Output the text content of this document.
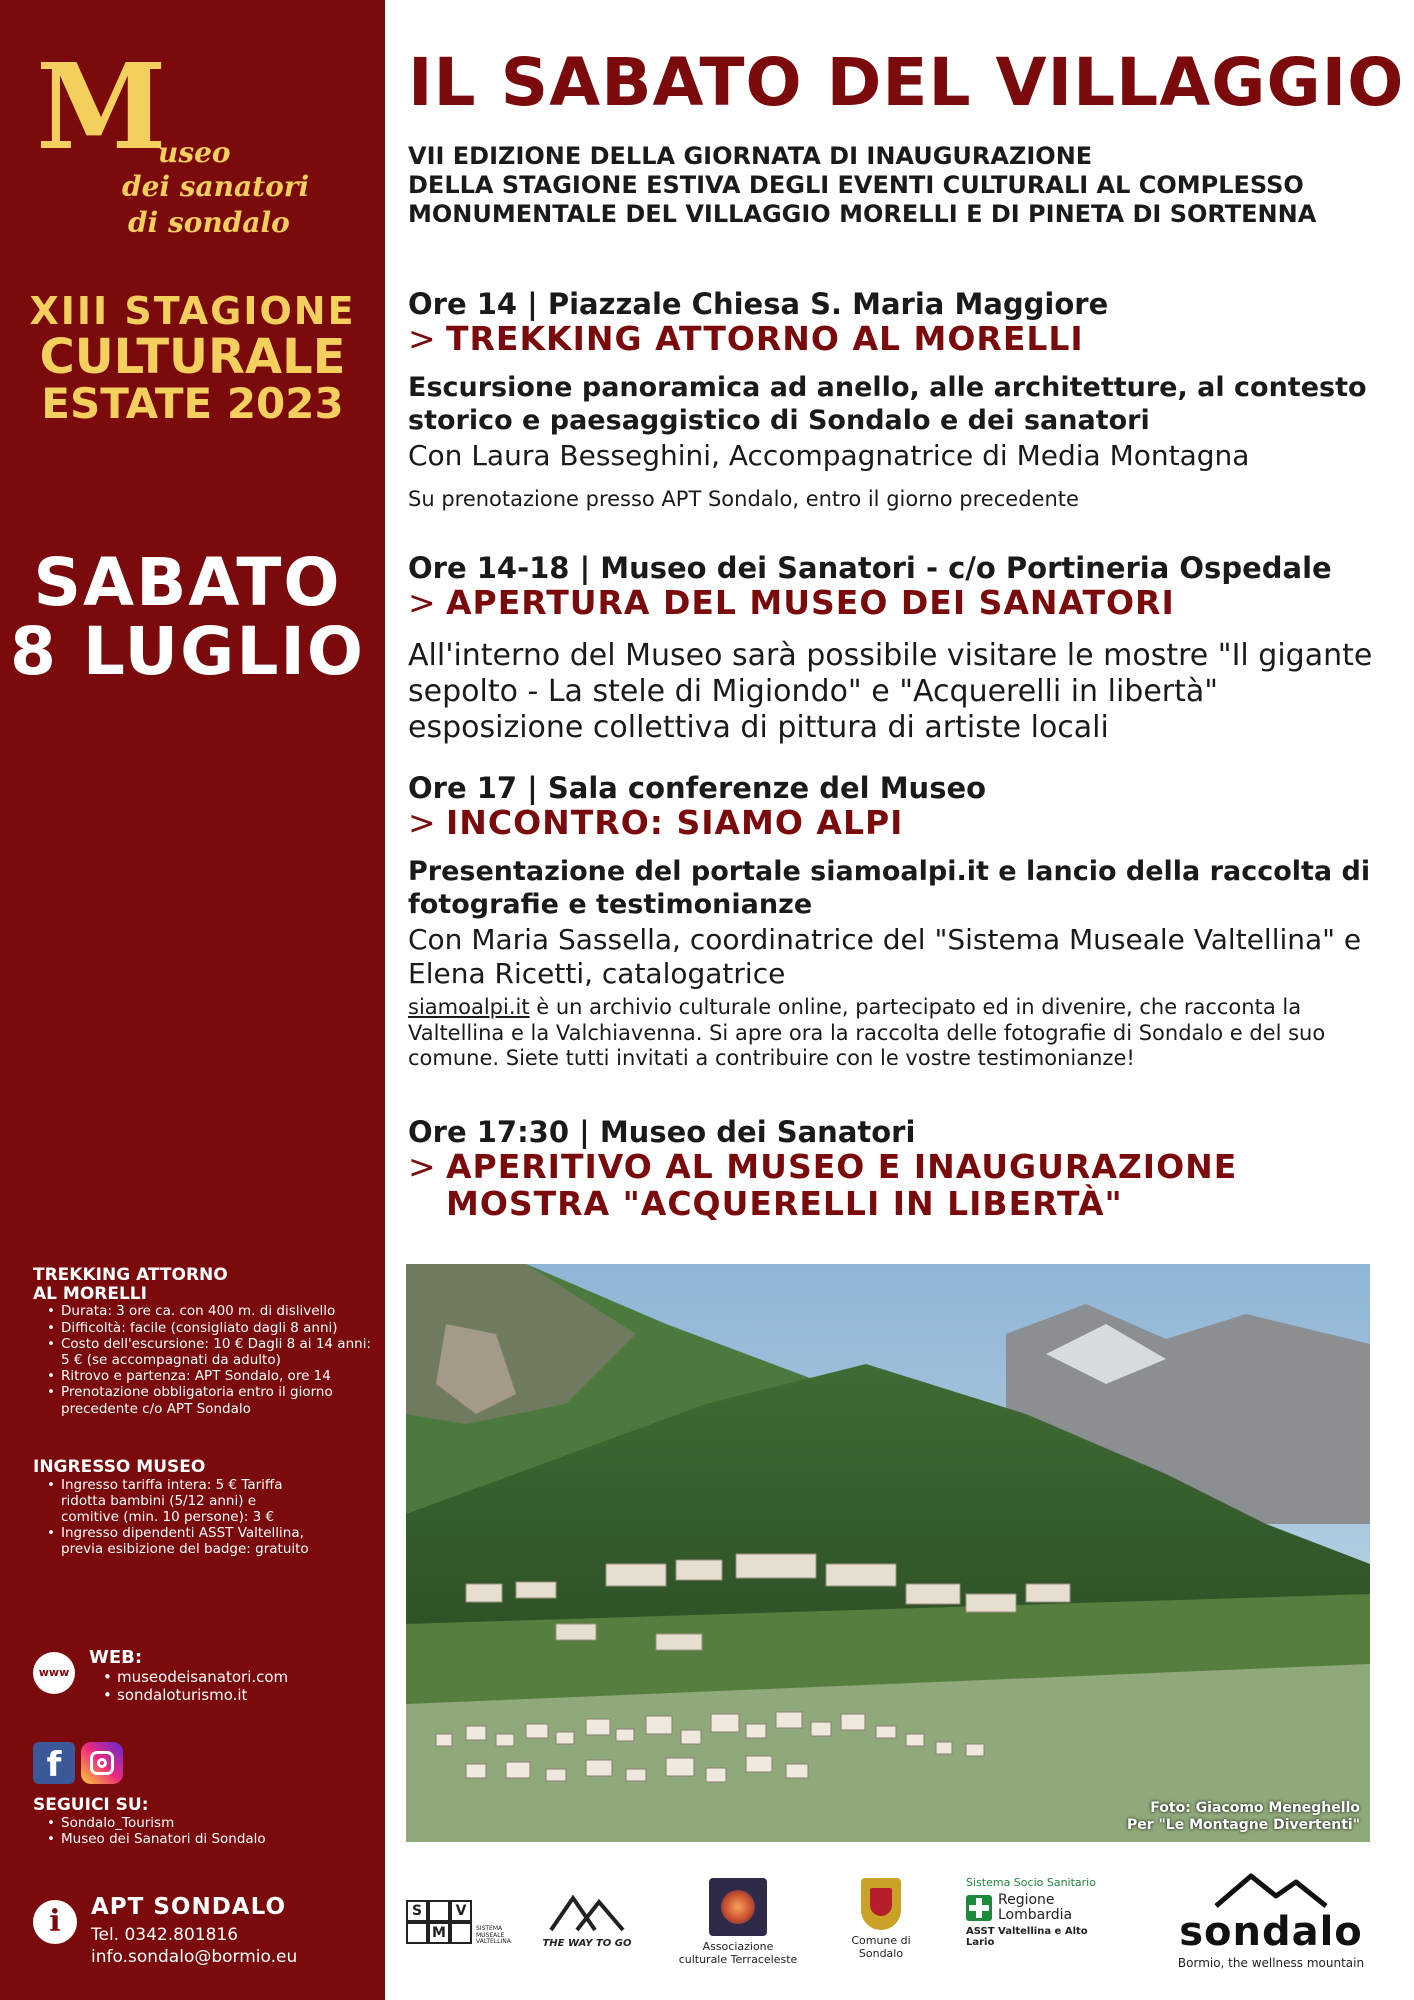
M
useo
dei sanatori
di sondalo
XIII STAGIONE
CULTURALE
ESTATE 2023
SABATO
8 LUGLIO
TREKKING ATTORNO
AL MORELLI
• Durata: 3 ore ca. con 400 m. di dislivello
• Difficoltà: facile (consigliato dagli 8 anni)
• Costo dell'escursione: 10 € Dagli 8 ai 14 anni: 5 € (se accompagnati da adulto)
• Ritrovo e partenza: APT Sondalo, ore 14
• Prenotazione obbligatoria entro il giorno precedente c/o APT Sondalo
INGRESSO MUSEO
• Ingresso tariffa intera: 5 € Tariffa ridotta bambini (5/12 anni) e comitive (min. 10 persone): 3 €
• Ingresso dipendenti ASST Valtellina, previa esibizione del badge: gratuito
www
WEB:
• museodeisanatori.com
• sondaloturismo.it
f
SEGUICI SU:
• Sondalo_Tourism
• Museo dei Sanatori di Sondalo
i	APT SONDALO
Tel. 0342.801816
info.sondalo@bormio.eu
IL SABATO DEL VILLAGGIO
VII EDIZIONE DELLA GIORNATA DI INAUGURAZIONE
DELLA STAGIONE ESTIVA DEGLI EVENTI CULTURALI AL COMPLESSO
MONUMENTALE DEL VILLAGGIO MORELLI E DI PINETA DI SORTENNA
Ore 14 | Piazzale Chiesa S. Maria Maggiore
> TREKKING ATTORNO AL MORELLI
Escursione panoramica ad anello, alle architetture, al contesto storico e paesaggistico di Sondalo e dei sanatori
Con Laura Besseghini, Accompagnatrice di Media Montagna
Su prenotazione presso APT Sondalo, entro il giorno precedente
Ore 14-18 | Museo dei Sanatori - c/o Portineria Ospedale
> APERTURA DEL MUSEO DEI SANATORI
All'interno del Museo sarà possibile visitare le mostre "Il gigante sepolto - La stele di Migiondo" e "Acquerelli in libertà" esposizione collettiva di pittura di artiste locali
Ore 17 | Sala conferenze del Museo
> INCONTRO: SIAMO ALPI
Presentazione del portale siamoalpi.it e lancio della raccolta di fotografie e testimonianze
Con Maria Sassella, coordinatrice del "Sistema Museale Valtellina" e Elena Ricetti, catalogatrice
siamoalpi.it è un archivio culturale online, partecipato ed in divenire, che racconta la Valtellina e la Valchiavenna. Si apre ora la raccolta delle fotografie di Sondalo e del suo comune. Siete tutti invitati a contribuire con le vostre testimonianze!
Ore 17:30 | Museo dei Sanatori
> APERITIVO AL MUSEO E INAUGURAZIONE
MOSTRA "ACQUERELLI IN LIBERTÀ"
Foto: Giacomo Meneghello
Per "Le Montagne Divertenti"
S	V
M	SISTEMA MUSEALE VALTELLINA	THE WAY TO GO	Associazione culturale Terraceleste
Comune di Sondalo
Sistema Socio Sanitario
Regione
Lombardia
ASST Valtellina e Alto Lario	sondalo
Bormio, the wellness mountain
